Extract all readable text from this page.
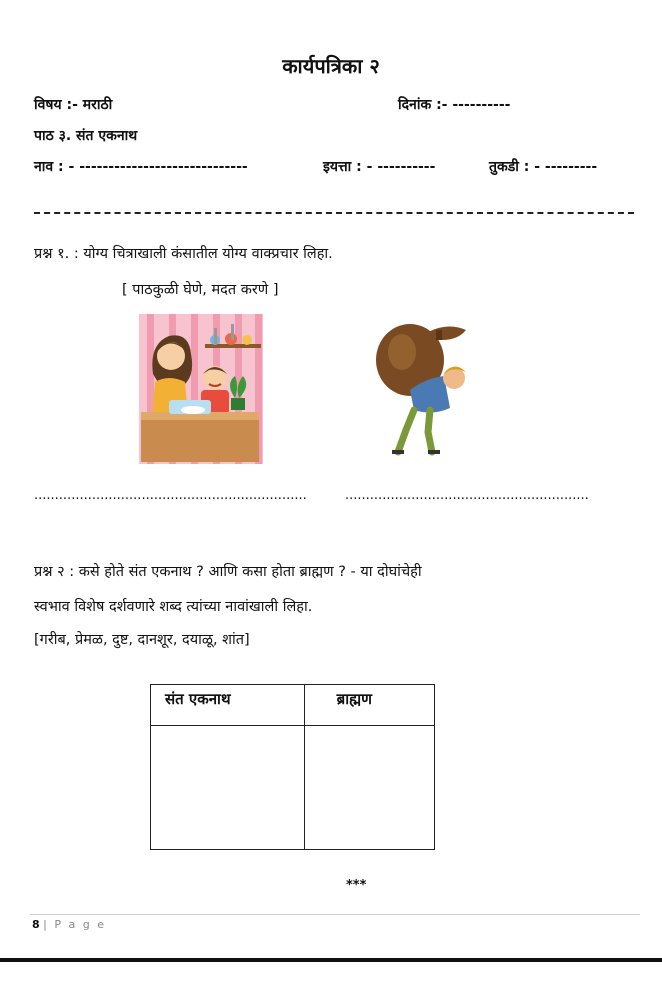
कार्यपत्रिका २
विषय :- मराठी	दिनांक :- ----------
पाठ ३. संत एकनाथ
नाव : - -----------------------------	इयत्ता : - ----------	तुकडी : - ---------
प्रश्न १. : योग्य चित्राखाली कंसातील योग्य वाक्प्रचार लिहा.
[ पाठकुळी घेणे, मदत करणे ]
..................................................................	...........................................................
प्रश्न २ : कसे होते संत एकनाथ ? आणि कसा होता ब्राह्मण ? - या दोघांचेही
स्वभाव विशेष दर्शवणारे शब्द त्यांच्या नावांखाली लिहा.
[गरीब, प्रेमळ, दुष्ट, दानशूर, दयाळू, शांत]
संत एकनाथ	ब्राह्मण

***
8 | P a g e
